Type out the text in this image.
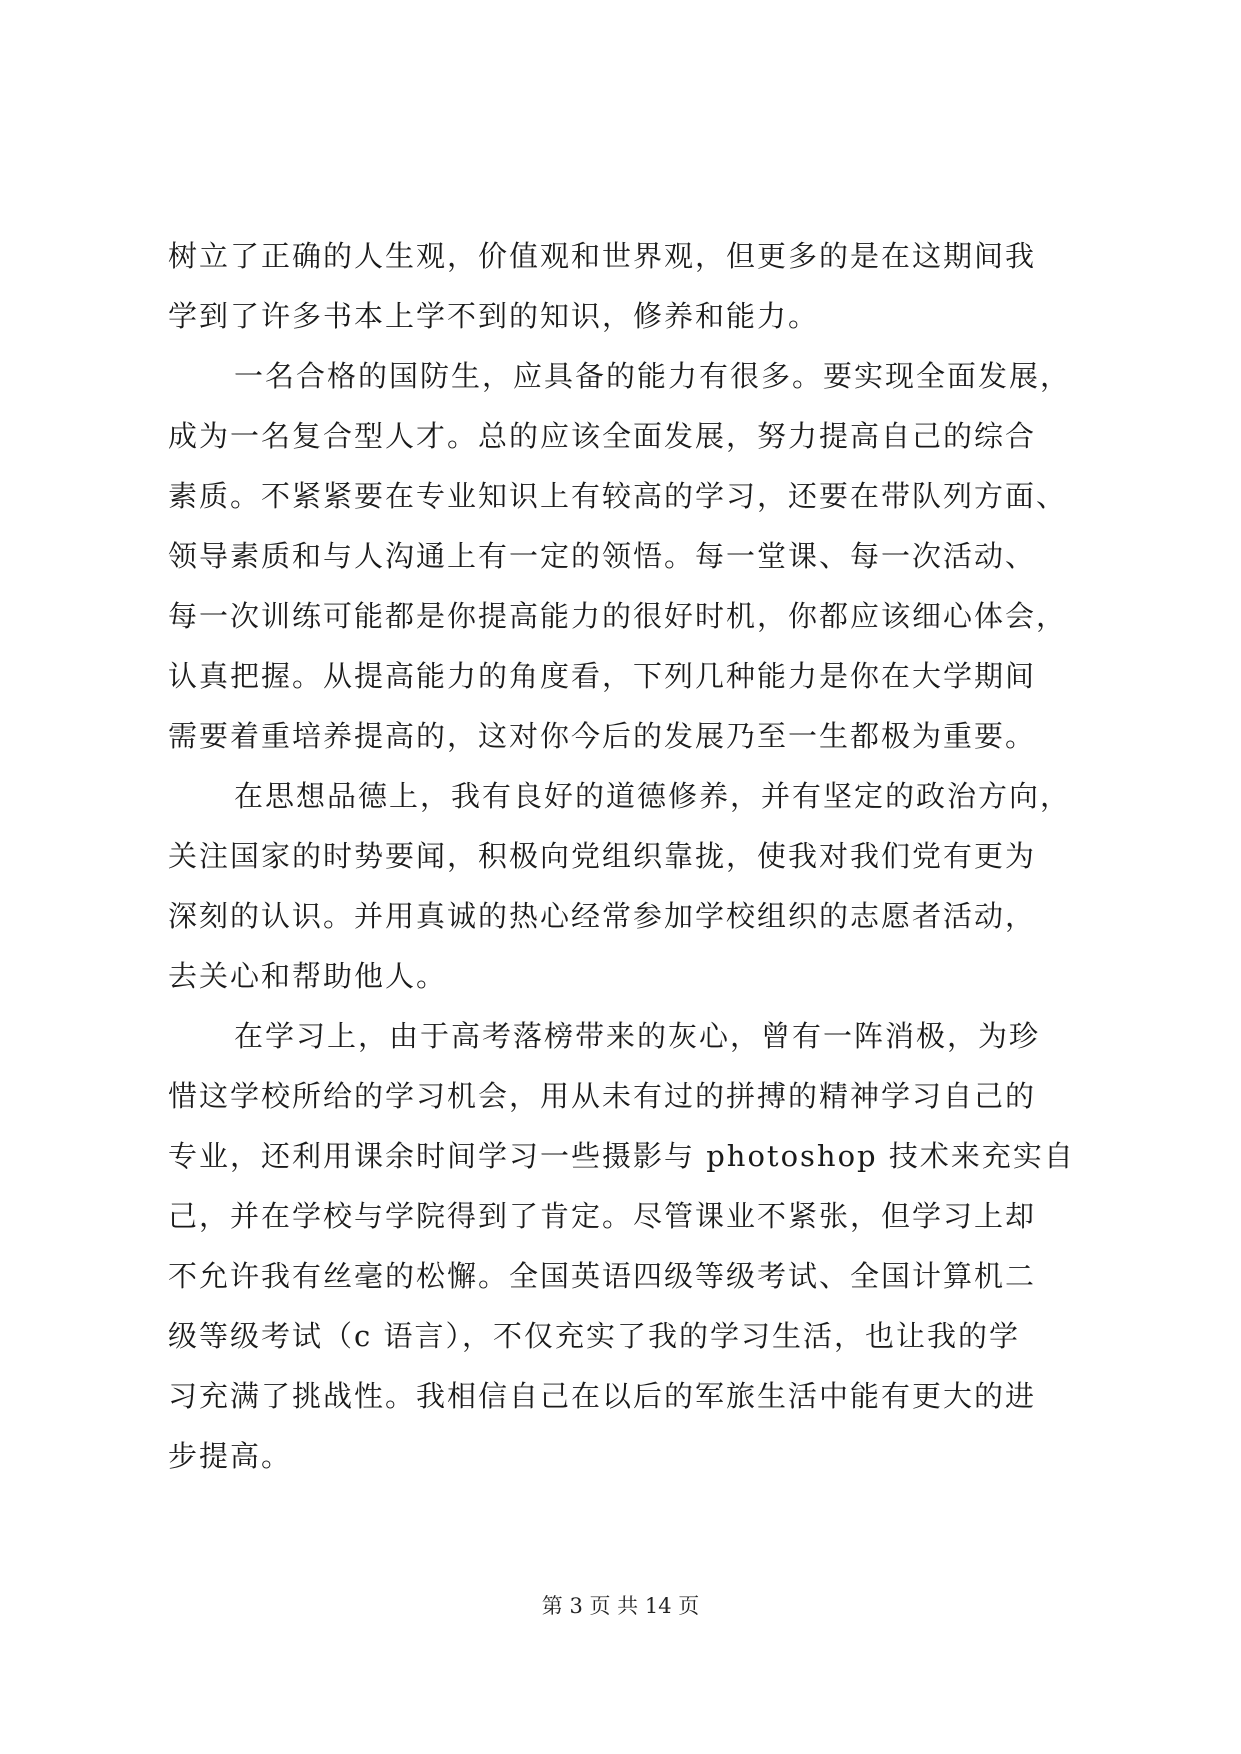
树立了正确的人生观，价值观和世界观，但更多的是在这期间我
学到了许多书本上学不到的知识，修养和能力。
一名合格的国防生，应具备的能力有很多。要实现全面发展，
成为一名复合型人才。总的应该全面发展，努力提高自己的综合
素质。不紧紧要在专业知识上有较高的学习，还要在带队列方面、
领导素质和与人沟通上有一定的领悟。每一堂课、每一次活动、
每一次训练可能都是你提高能力的很好时机，你都应该细心体会，
认真把握。从提高能力的角度看，下列几种能力是你在大学期间
需要着重培养提高的，这对你今后的发展乃至一生都极为重要。
在思想品德上，我有良好的道德修养，并有坚定的政治方向，
关注国家的时势要闻，积极向党组织靠拢，使我对我们党有更为
深刻的认识。并用真诚的热心经常参加学校组织的志愿者活动，
去关心和帮助他人。
在学习上，由于高考落榜带来的灰心，曾有一阵消极，为珍
惜这学校所给的学习机会，用从未有过的拼搏的精神学习自己的
专业，还利用课余时间学习一些摄影与 photoshop 技术来充实自
己，并在学校与学院得到了肯定。尽管课业不紧张，但学习上却
不允许我有丝毫的松懈。全国英语四级等级考试、全国计算机二
级等级考试（c 语言），不仅充实了我的学习生活，也让我的学
习充满了挑战性。我相信自己在以后的军旅生活中能有更大的进
步提高。
第 3 页 共 14 页
